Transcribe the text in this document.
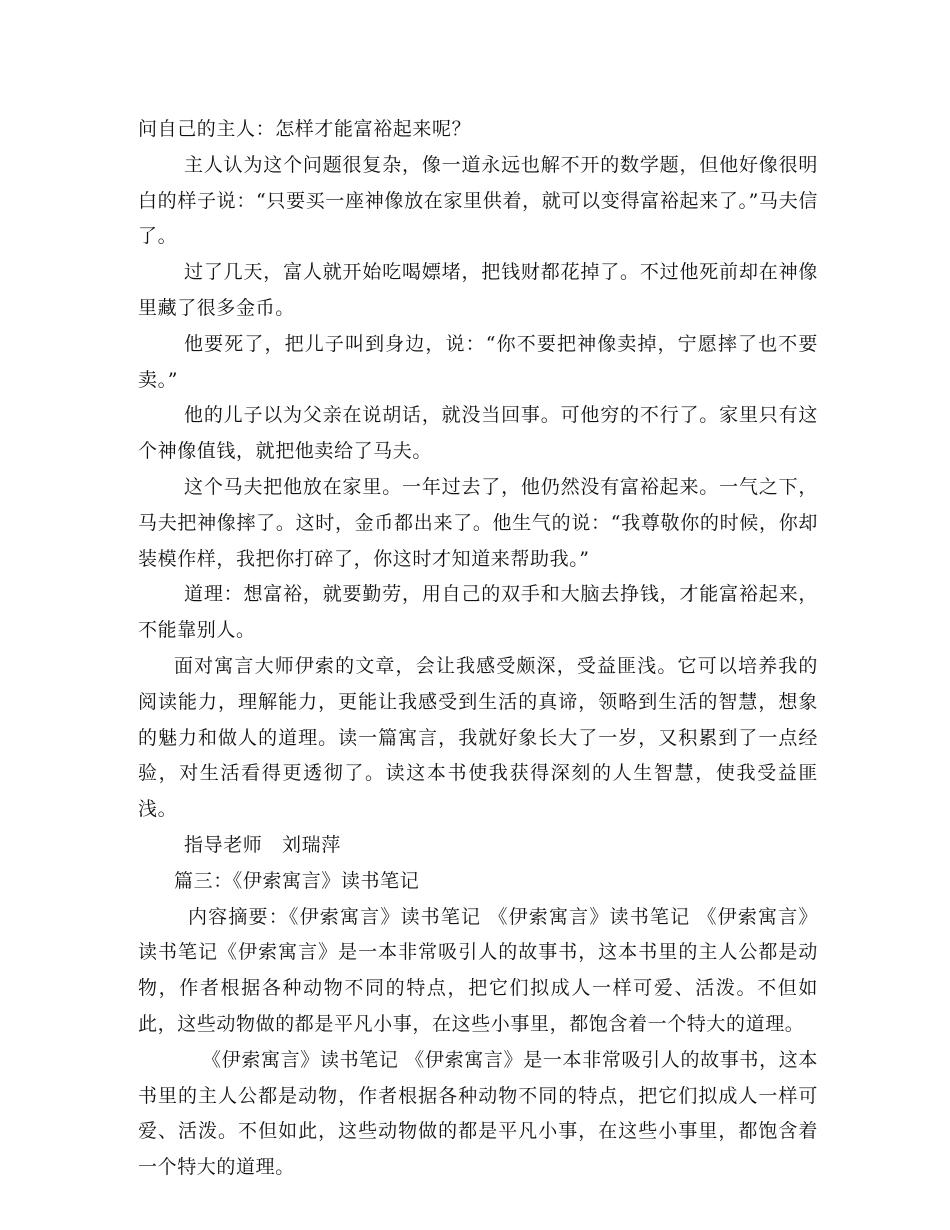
问自己的主人：怎样才能富裕起来呢？

主人认为这个问题很复杂，像一道永远也解不开的数学题，但他好像很明白的样子说：“只要买一座神像放在家里供着，就可以变得富裕起来了。”马夫信了。

过了几天，富人就开始吃喝嫖堵，把钱财都花掉了。不过他死前却在神像里藏了很多金币。

他要死了，把儿子叫到身边，说：“你不要把神像卖掉，宁愿摔了也不要卖。”

他的儿子以为父亲在说胡话，就没当回事。可他穷的不行了。家里只有这个神像值钱，就把他卖给了马夫。

这个马夫把他放在家里。一年过去了，他仍然没有富裕起来。一气之下，马夫把神像摔了。这时，金币都出来了。他生气的说：“我尊敬你的时候，你却装模作样，我把你打碎了，你这时才知道来帮助我。”

道理：想富裕，就要勤劳，用自己的双手和大脑去挣钱，才能富裕起来，不能靠别人。

面对寓言大师伊索的文章，会让我感受颇深，受益匪浅。它可以培养我的阅读能力，理解能力，更能让我感受到生活的真谛，领略到生活的智慧，想象的魅力和做人的道理。读一篇寓言，我就好象长大了一岁，又积累到了一点经验，对生活看得更透彻了。读这本书使我获得深刻的人生智慧，使我受益匪浅。

指导老师　刘瑞萍

篇三：《伊索寓言》读书笔记

内容摘要：《伊索寓言》读书笔记 《伊索寓言》读书笔记 《伊索寓言》读书笔记《伊索寓言》是一本非常吸引人的故事书，这本书里的主人公都是动物，作者根据各种动物不同的特点，把它们拟成人一样可爱、活泼。不但如此，这些动物做的都是平凡小事，在这些小事里，都饱含着一个特大的道理。

《伊索寓言》读书笔记 《伊索寓言》是一本非常吸引人的故事书，这本书里的主人公都是动物，作者根据各种动物不同的特点，把它们拟成人一样可爱、活泼。不但如此，这些动物做的都是平凡小事，在这些小事里，都饱含着一个特大的道理。
